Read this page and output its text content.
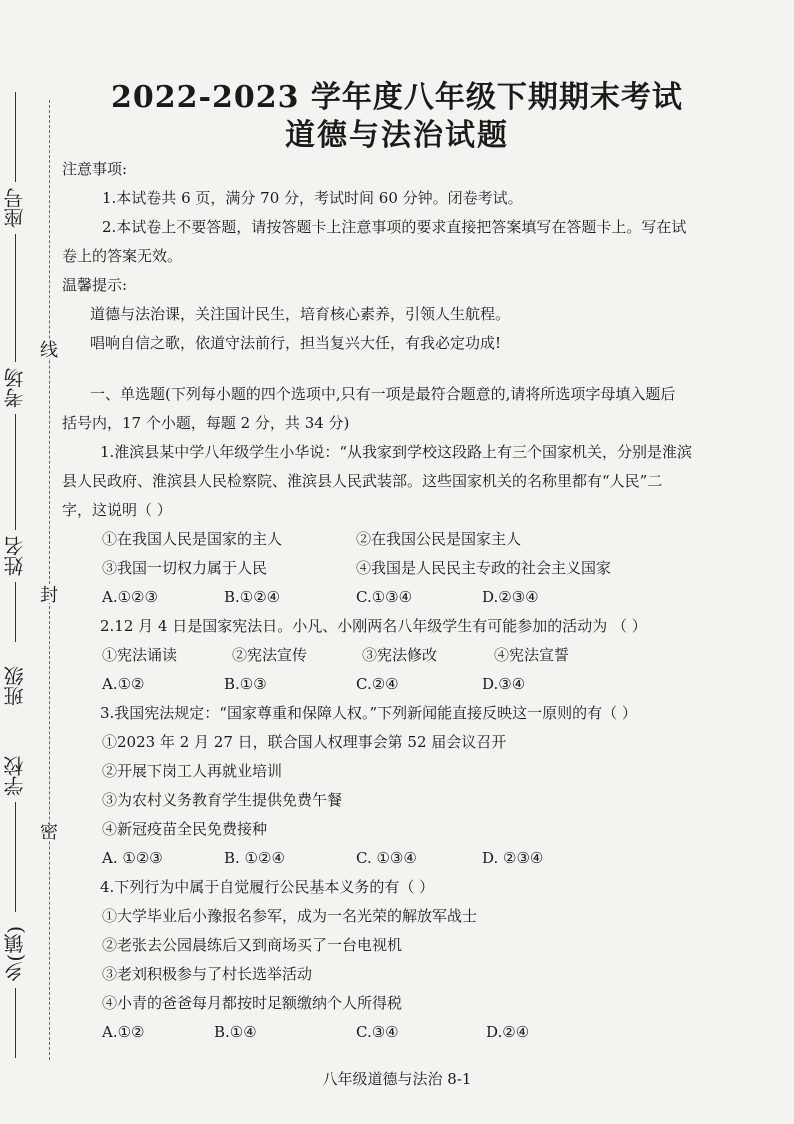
座号
考场
姓名
班级
学校
乡(镇)
线
封
密
2022-2023 学年度八年级下期期末考试
道德与法治试题

注意事项:

1.本试卷共 6 页，满分 70 分，考试时间 60 分钟。闭卷考试。

2.本试卷上不要答题，请按答题卡上注意事项的要求直接把答案填写在答题卡上。写在试

卷上的答案无效。

温馨提示:

道德与法治课，关注国计民生，培育核心素养，引领人生航程。

唱响自信之歌，依道守法前行，担当复兴大任，有我必定功成!

一、单选题(下列每小题的四个选项中,只有一项是最符合题意的,请将所选项字母填入题后

括号内，17 个小题，每题 2 分，共 34 分)

1.淮滨县某中学八年级学生小华说：“从我家到学校这段路上有三个国家机关，分别是淮滨

县人民政府、淮滨县人民检察院、淮滨县人民武装部。这些国家机关的名称里都有“人民”二

字，这说明（ ）

①在我国人民是国家的主人	②在我国公民是国家主人
③我国一切权力属于人民	④我国是人民民主专政的社会主义国家
A.①②③	B.①②④	C.①③④	D.②③④

2.12 月 4 日是国家宪法日。小凡、小刚两名八年级学生有可能参加的活动为 （ ）

①宪法诵读	②宪法宣传	③宪法修改	④宪法宣誓
A.①②	B.①③	C.②④	D.③④

3.我国宪法规定：“国家尊重和保障人权。”下列新闻能直接反映这一原则的有（ ）

①2023 年 2 月 27 日，联合国人权理事会第 52 届会议召开

②开展下岗工人再就业培训

③为农村义务教育学生提供免费午餐

④新冠疫苗全民免费接种

A. ①②③	B. ①②④	C. ①③④	D. ②③④

4.下列行为中属于自觉履行公民基本义务的有（ ）

①大学毕业后小豫报名参军，成为一名光荣的解放军战士

②老张去公园晨练后又到商场买了一台电视机

③老刘积极参与了村长选举活动

④小青的爸爸每月都按时足额缴纳个人所得税

A.①②	B.①④	C.③④	D.②④
八年级道德与法治 8-1
